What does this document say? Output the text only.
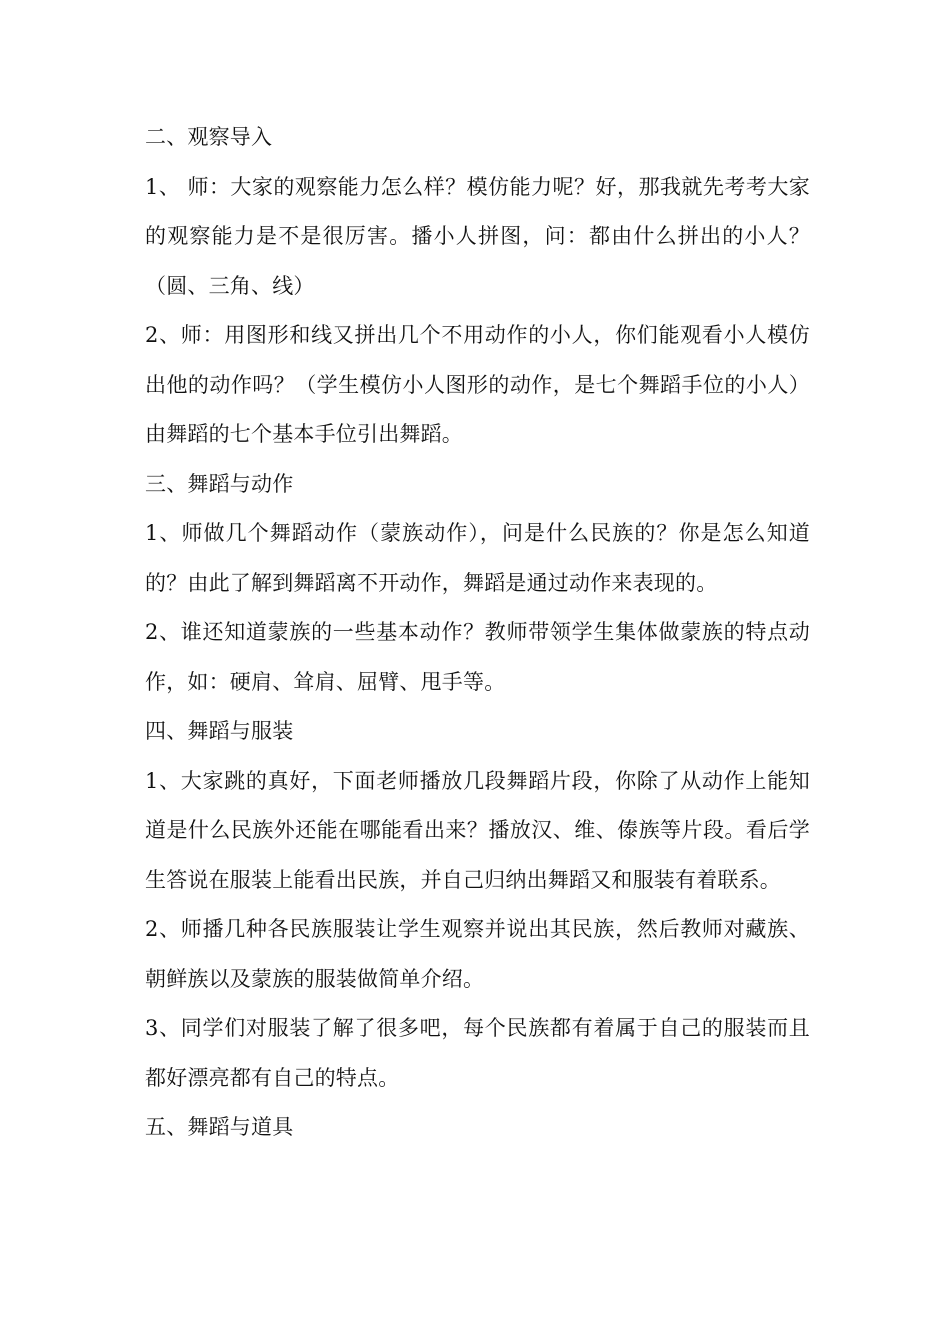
二、观察导入

1、 师：大家的观察能力怎么样？模仿能力呢？好，那我就先考考大家的观察能力是不是很厉害。播小人拼图，问：都由什么拼出的小人？（圆、三角、线）

2、师：用图形和线又拼出几个不用动作的小人，你们能观看小人模仿出他的动作吗？（学生模仿小人图形的动作，是七个舞蹈手位的小人）由舞蹈的七个基本手位引出舞蹈。

三、舞蹈与动作

1、师做几个舞蹈动作（蒙族动作），问是什么民族的？你是怎么知道的？由此了解到舞蹈离不开动作，舞蹈是通过动作来表现的。

2、谁还知道蒙族的一些基本动作？教师带领学生集体做蒙族的特点动作，如：硬肩、耸肩、屈臂、甩手等。

四、舞蹈与服装

1、大家跳的真好，下面老师播放几段舞蹈片段，你除了从动作上能知道是什么民族外还能在哪能看出来？播放汉、维、傣族等片段。看后学生答说在服装上能看出民族，并自己归纳出舞蹈又和服装有着联系。

2、师播几种各民族服装让学生观察并说出其民族，然后教师对藏族、朝鲜族以及蒙族的服装做简单介绍。

3、同学们对服装了解了很多吧，每个民族都有着属于自己的服装而且都好漂亮都有自己的特点。

五、舞蹈与道具
